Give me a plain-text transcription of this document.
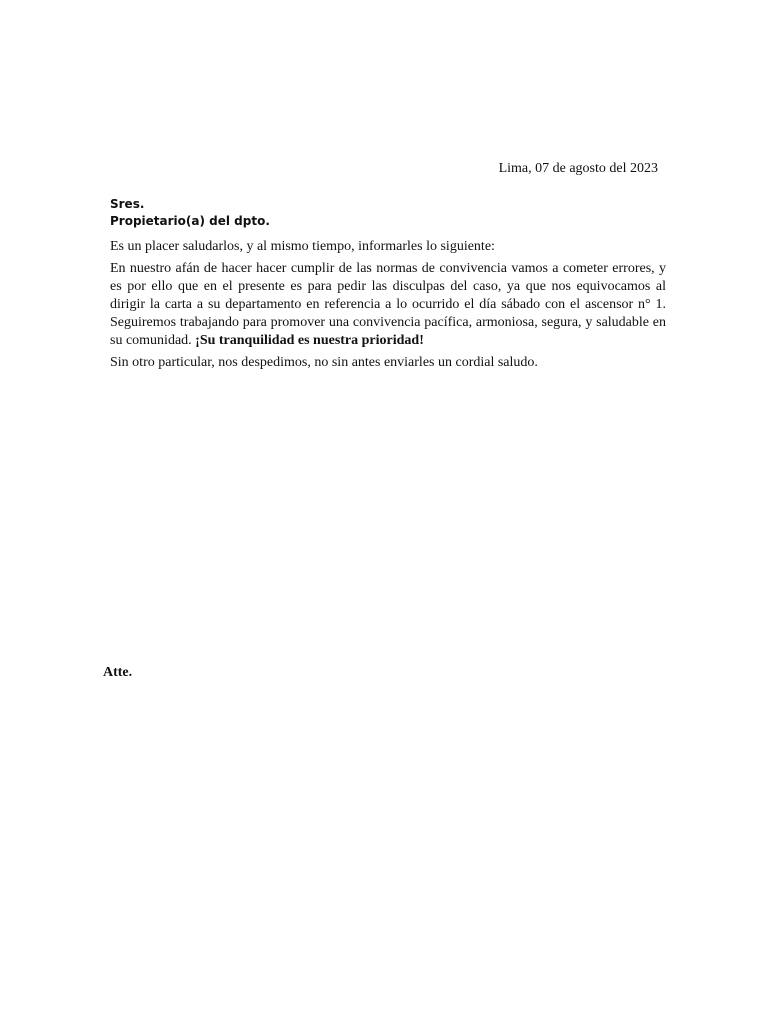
Lima, 07 de agosto del 2023
Sres.
Propietario(a) del dpto.
Es un placer saludarlos, y al mismo tiempo, informarles lo siguiente:

En nuestro afán de hacer hacer cumplir de las normas de convivencia vamos a cometer errores, y es por ello que en el presente es para pedir las disculpas del caso, ya que nos equivocamos al dirigir la carta a su departamento en referencia a lo ocurrido el día sábado con el ascensor n° 1. Seguiremos trabajando para promover una convivencia pacífica, armoniosa, segura, y saludable en su comunidad. ¡Su tranquilidad es nuestra prioridad!

Sin otro particular, nos despedimos, no sin antes enviarles un cordial saludo.
Atte.
